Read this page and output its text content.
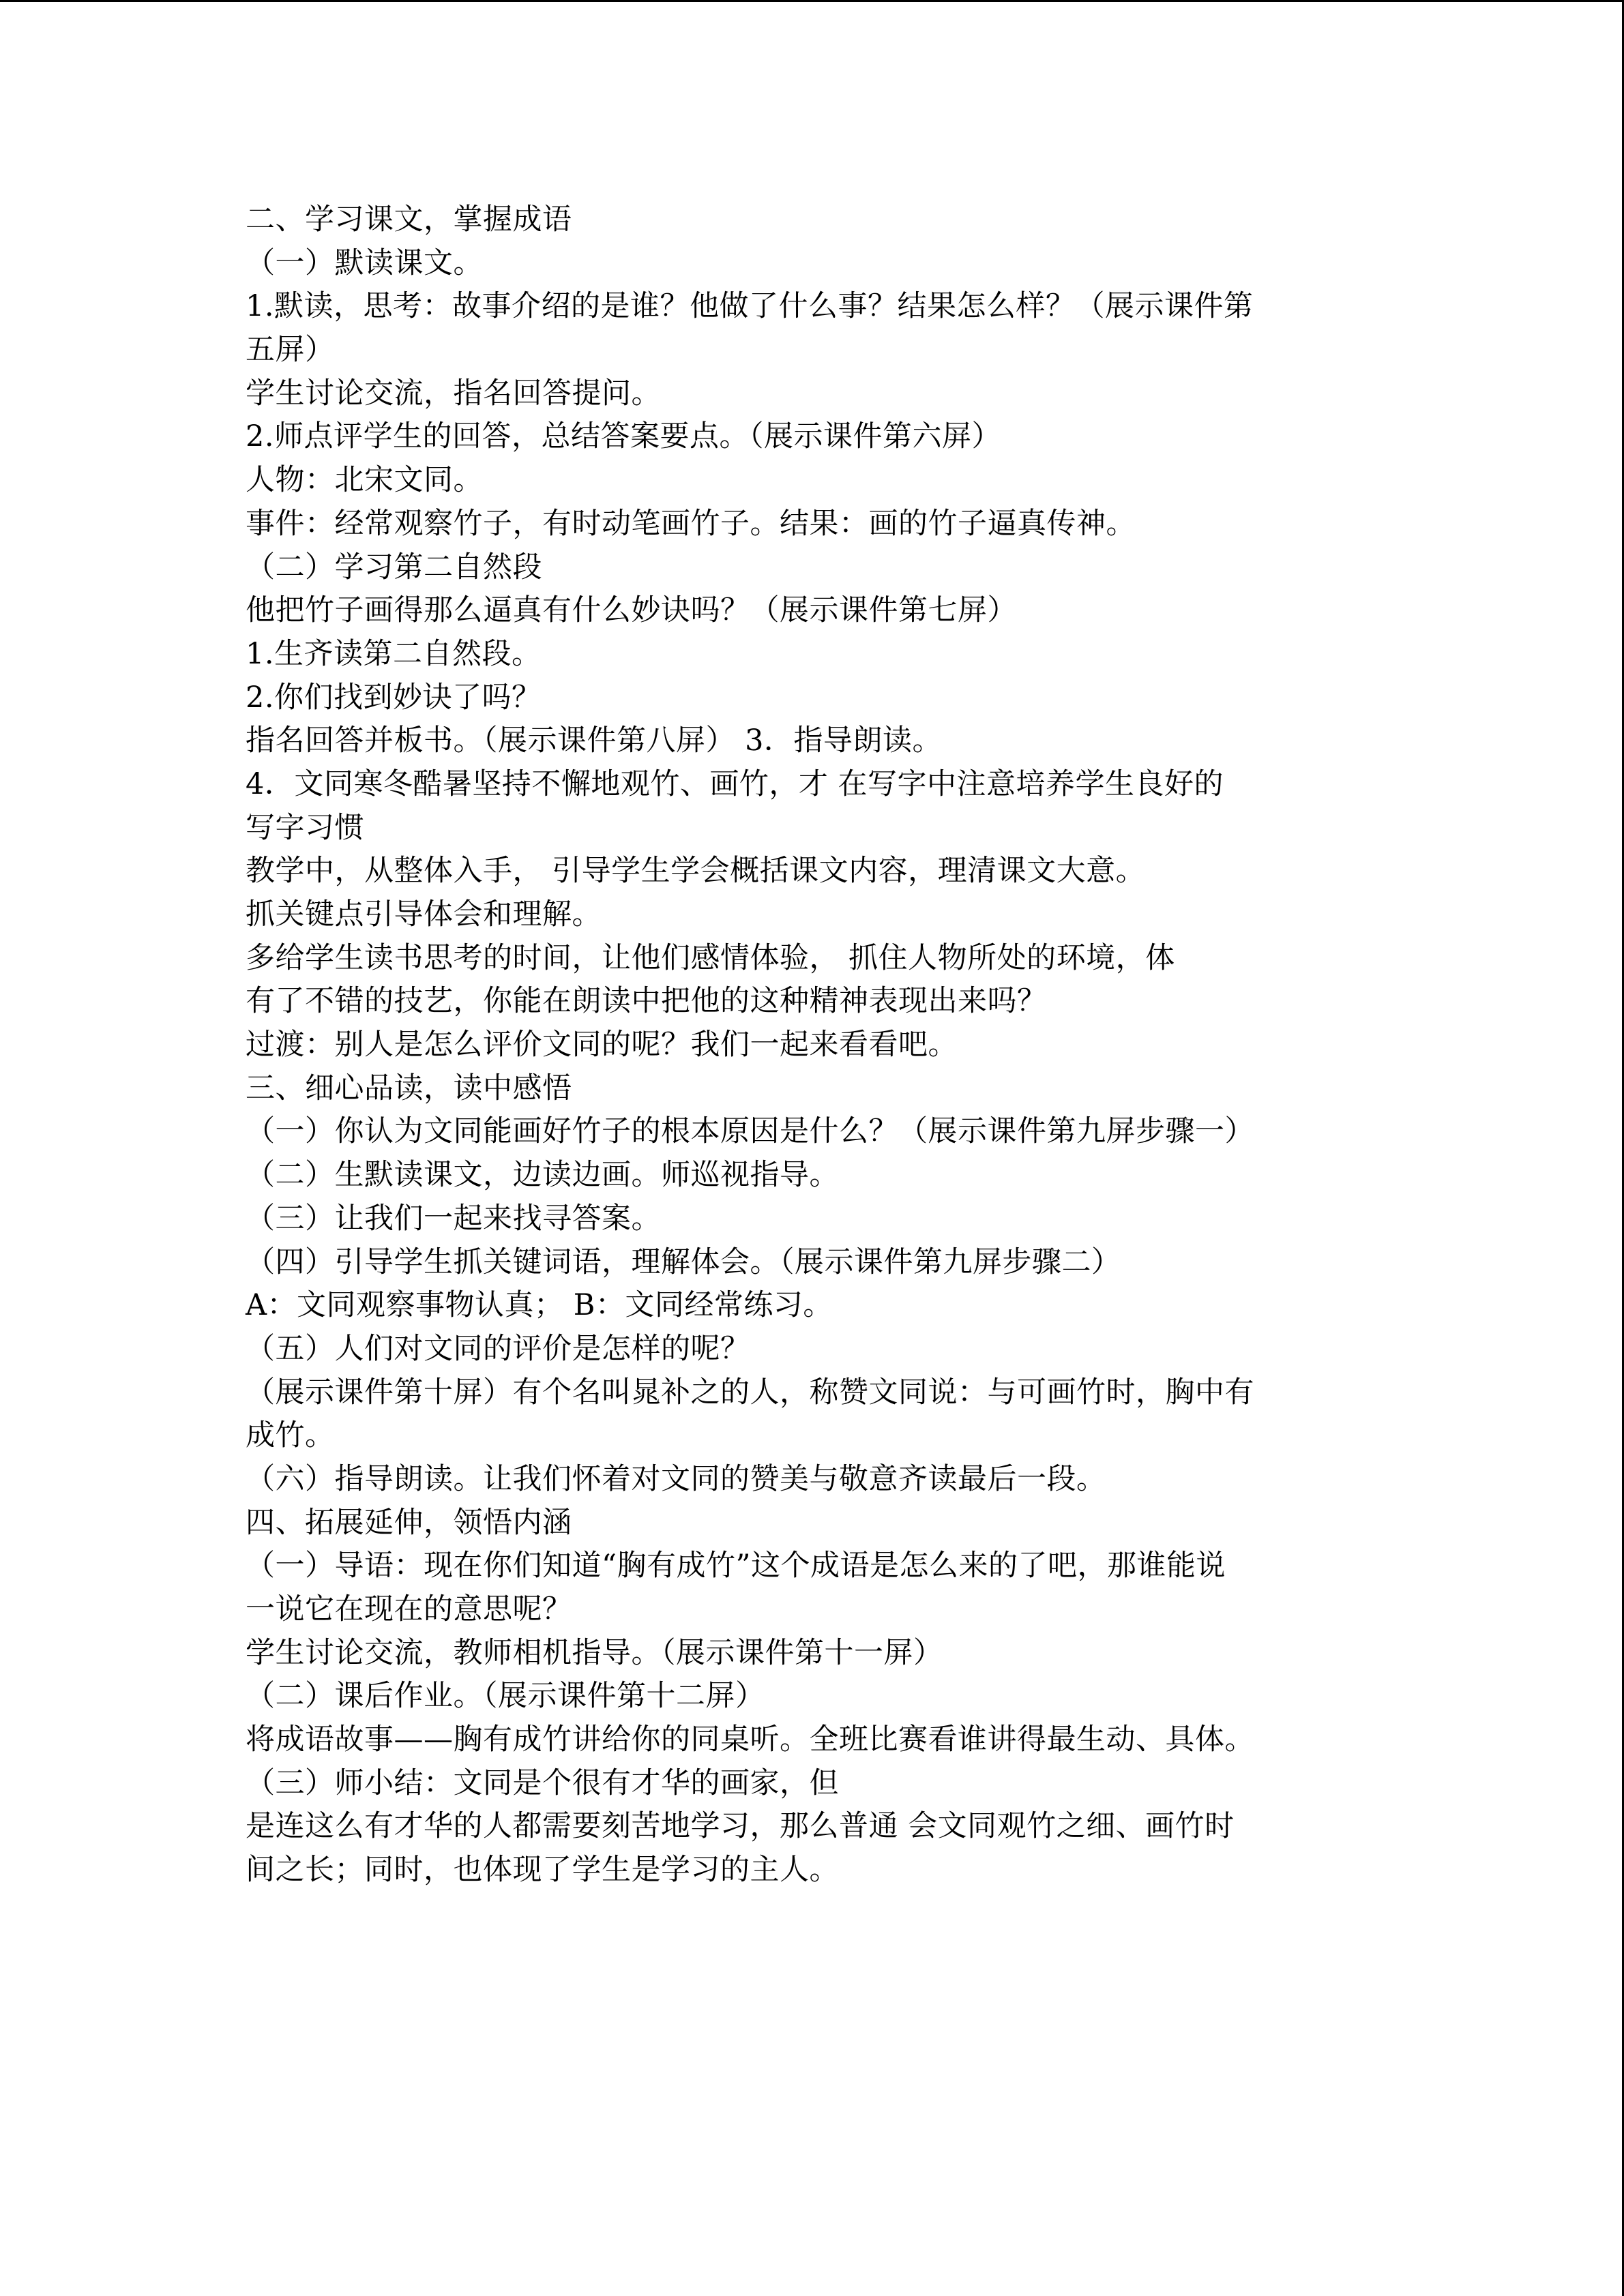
二、学习课文，掌握成语
（一）默读课文。
1.默读，思考：故事介绍的是谁？他做了什么事？结果怎么样？（展示课件第
五屏）
学生讨论交流，指名回答提问。
2.师点评学生的回答，总结答案要点。（展示课件第六屏）
人物：北宋文同。
事件：经常观察竹子，有时动笔画竹子。结果：画的竹子逼真传神。
（二）学习第二自然段
他把竹子画得那么逼真有什么妙诀吗？（展示课件第七屏）
1.生齐读第二自然段。
2.你们找到妙诀了吗？
指名回答并板书。（展示课件第八屏） 3．指导朗读。
4．文同寒冬酷暑坚持不懈地观竹、画竹，才 在写字中注意培养学生良好的
写字习惯
教学中，从整体入手， 引导学生学会概括课文内容，理清课文大意。
抓关键点引导体会和理解。
多给学生读书思考的时间，让他们感情体验， 抓住人物所处的环境，体
有了不错的技艺，你能在朗读中把他的这种精神表现出来吗？
过渡：别人是怎么评价文同的呢？我们一起来看看吧。
三、细心品读，读中感悟
（一）你认为文同能画好竹子的根本原因是什么？（展示课件第九屏步骤一）
（二）生默读课文，边读边画。师巡视指导。
（三）让我们一起来找寻答案。
（四）引导学生抓关键词语，理解体会。（展示课件第九屏步骤二）
A：文同观察事物认真； B：文同经常练习。
（五）人们对文同的评价是怎样的呢？
（展示课件第十屏）有个名叫晁补之的人，称赞文同说：与可画竹时，胸中有
成竹。
（六）指导朗读。让我们怀着对文同的赞美与敬意齐读最后一段。
四、拓展延伸，领悟内涵
（一）导语：现在你们知道“胸有成竹”这个成语是怎么来的了吧，那谁能说
一说它在现在的意思呢？
学生讨论交流，教师相机指导。（展示课件第十一屏）
（二）课后作业。（展示课件第十二屏）
将成语故事——胸有成竹讲给你的同桌听。全班比赛看谁讲得最生动、具体。
（三）师小结：文同是个很有才华的画家，但
是连这么有才华的人都需要刻苦地学习，那么普通 会文同观竹之细、画竹时
间之长；同时，也体现了学生是学习的主人。
